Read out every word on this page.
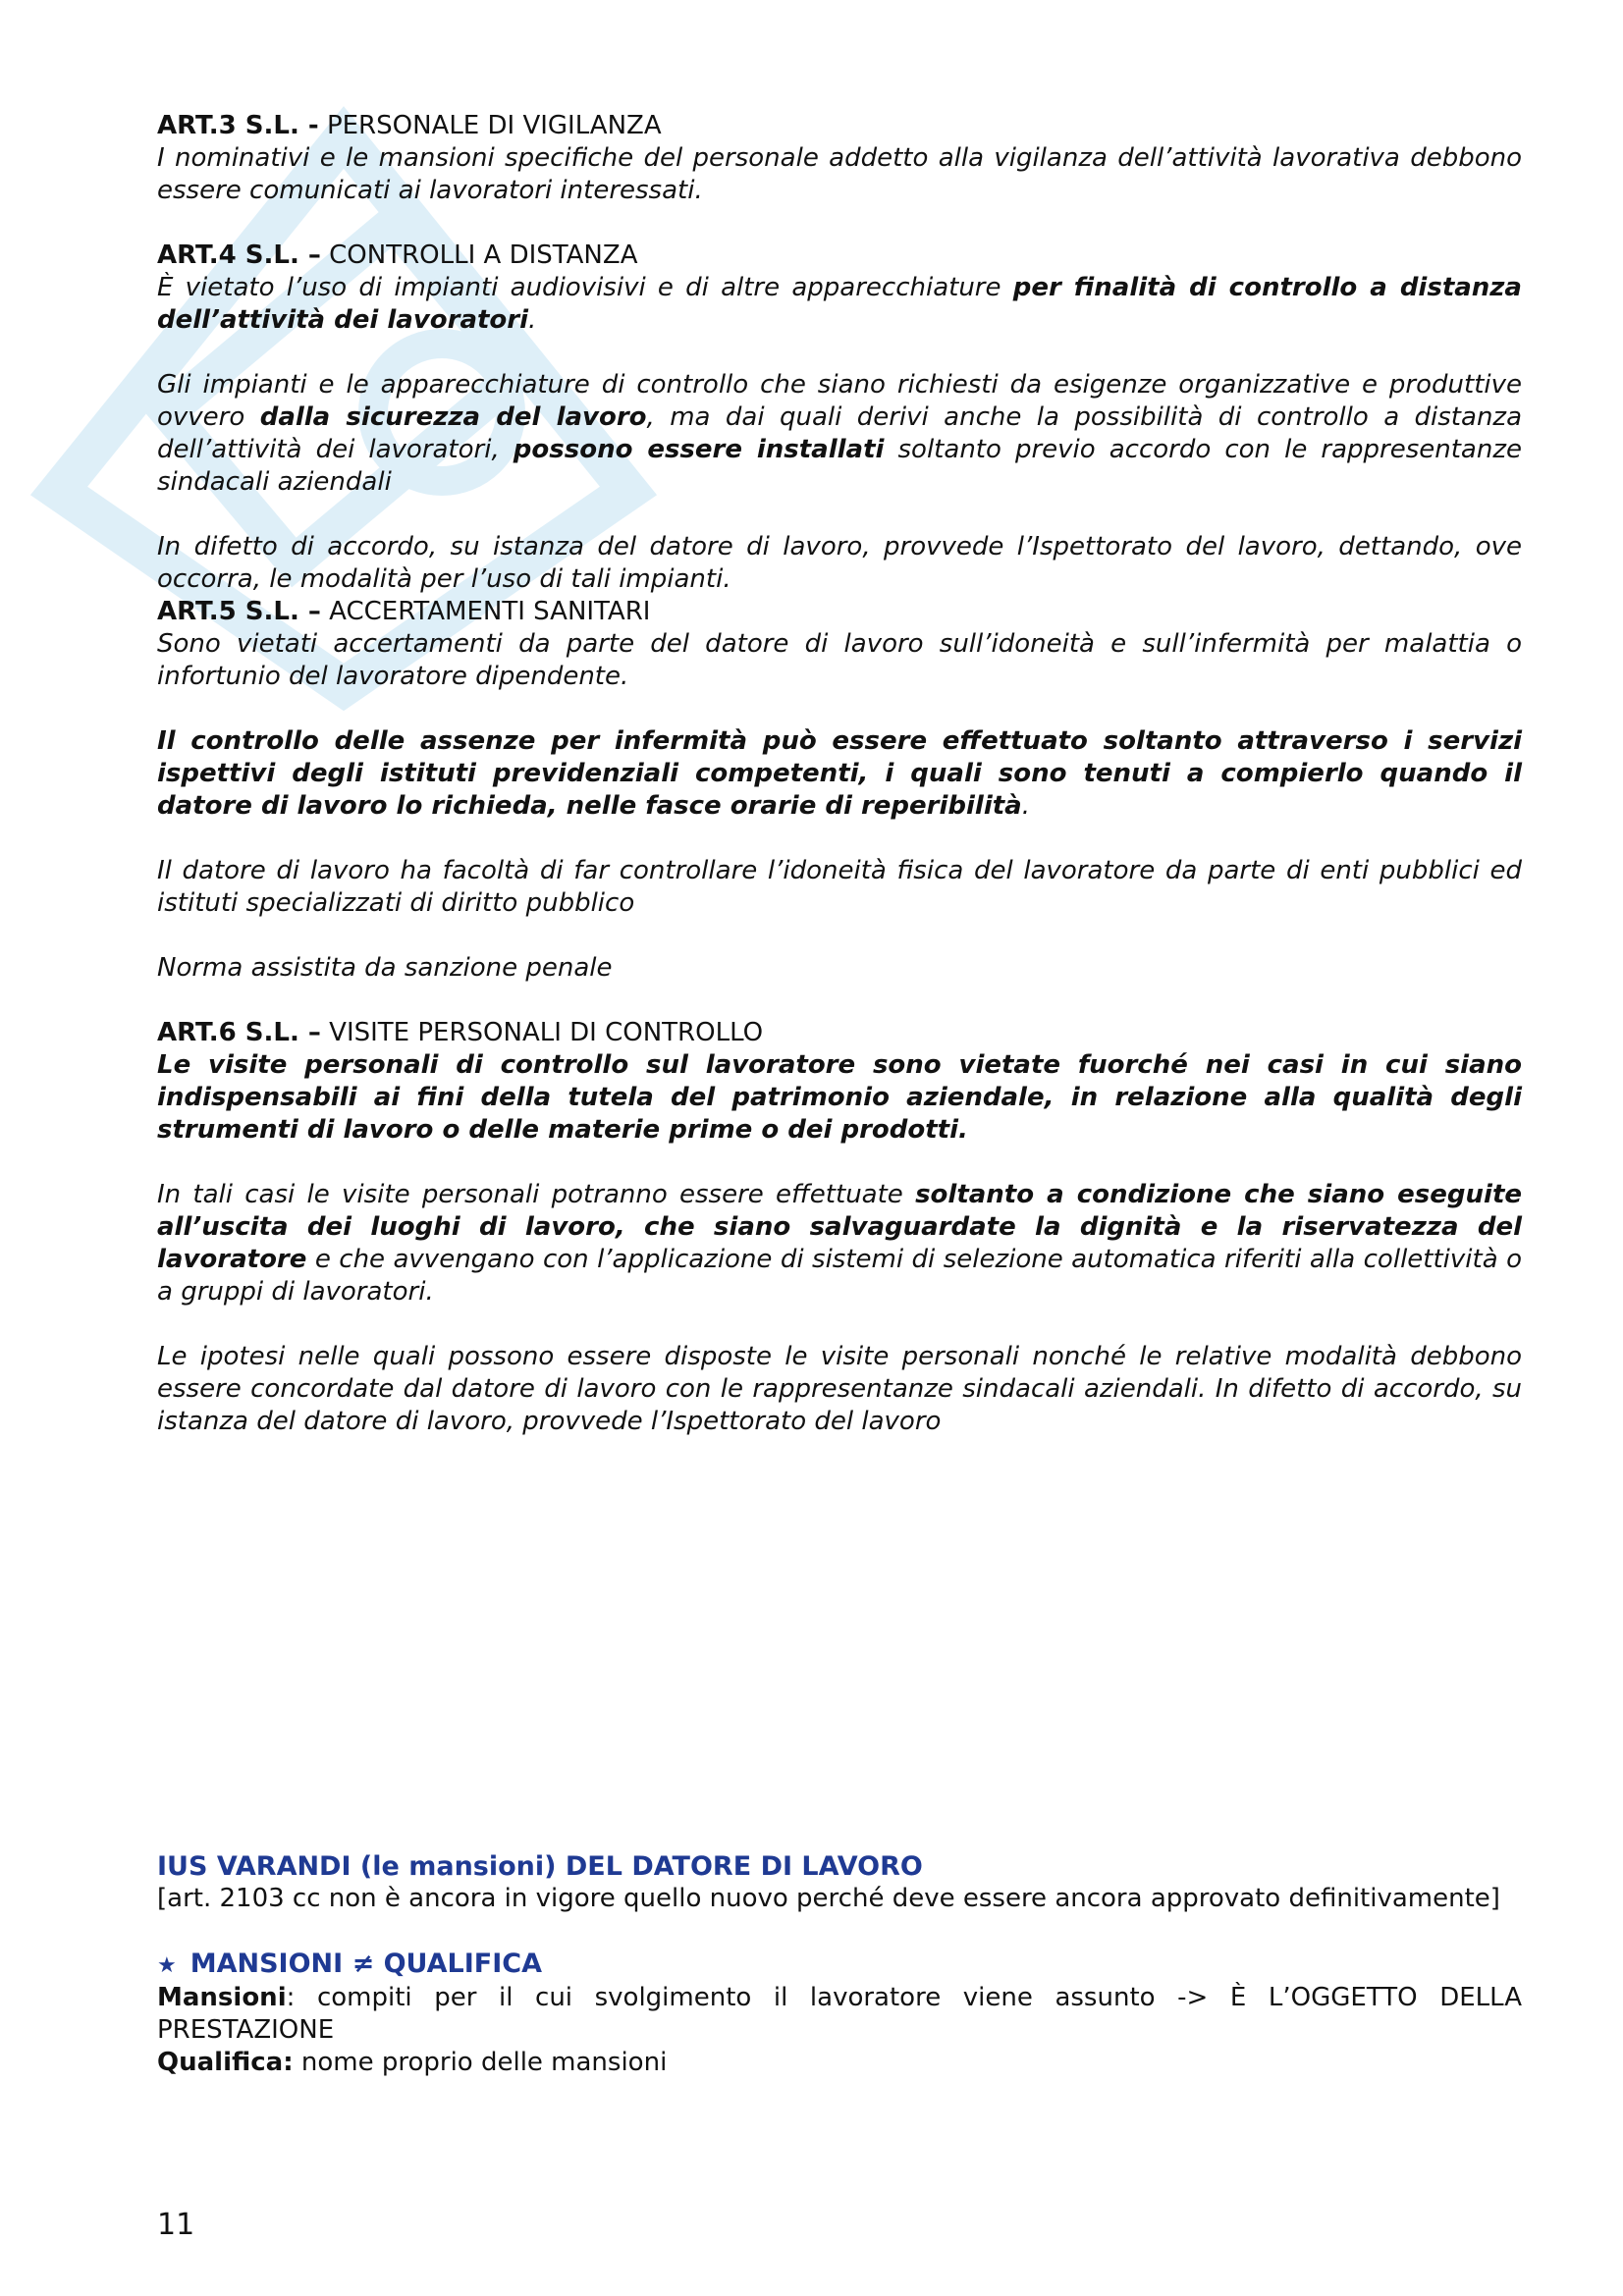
ART.3 S.L. - PERSONALE DI VIGILANZA

I nominativi e le mansioni specifiche del personale addetto alla vigilanza dell’attività lavorativa debbono essere comunicati ai lavoratori interessati.

ART.4 S.L. – CONTROLLI A DISTANZA

È vietato l’uso di impianti audiovisivi e di altre apparecchiature per finalità di controllo a distanza dell’attività dei lavoratori.

Gli impianti e le apparecchiature di controllo che siano richiesti da esigenze organizzative e produttive ovvero dalla sicurezza del lavoro, ma dai quali derivi anche la possibilità di controllo a distanza dell’attività dei lavoratori, possono essere installati soltanto previo accordo con le rappresentanze sindacali aziendali

In difetto di accordo, su istanza del datore di lavoro, provvede l’Ispettorato del lavoro, dettando, ove occorra, le modalità per l’uso di tali impianti.

ART.5 S.L. – ACCERTAMENTI SANITARI

Sono vietati accertamenti da parte del datore di lavoro sull’idoneità e sull’infermità per malattia o infortunio del lavoratore dipendente.

Il controllo delle assenze per infermità può essere effettuato soltanto attraverso i servizi ispettivi degli istituti previdenziali competenti, i quali sono tenuti a compierlo quando il datore di lavoro lo richieda, nelle fasce orarie di reperibilità.

Il datore di lavoro ha facoltà di far controllare l’idoneità fisica del lavoratore da parte di enti pubblici ed istituti specializzati di diritto pubblico

Norma assistita da sanzione penale

ART.6 S.L. – VISITE PERSONALI DI CONTROLLO

Le visite personali di controllo sul lavoratore sono vietate fuorché nei casi in cui siano indispensabili ai fini della tutela del patrimonio aziendale, in relazione alla qualità degli strumenti di lavoro o delle materie prime o dei prodotti.

In tali casi le visite personali potranno essere effettuate soltanto a condizione che siano eseguite all’uscita dei luoghi di lavoro, che siano salvaguardate la dignità e la riservatezza del lavoratore e che avvengano con l’applicazione di sistemi di selezione automatica riferiti alla collettività o a gruppi di lavoratori.

Le ipotesi nelle quali possono essere disposte le visite personali nonché le relative modalità debbono essere concordate dal datore di lavoro con le rappresentanze sindacali aziendali. In difetto di accordo, su istanza del datore di lavoro, provvede l’Ispettorato del lavoro

IUS VARANDI (le mansioni) DEL DATORE DI LAVORO

[art. 2103 cc non è ancora in vigore quello nuovo perché deve essere ancora approvato definitivamente]

★ MANSIONI ≠ QUALIFICA

Mansioni: compiti per il cui svolgimento il lavoratore viene assunto -> È L’OGGETTO DELLA PRESTAZIONE

Qualifica: nome proprio delle mansioni

11
